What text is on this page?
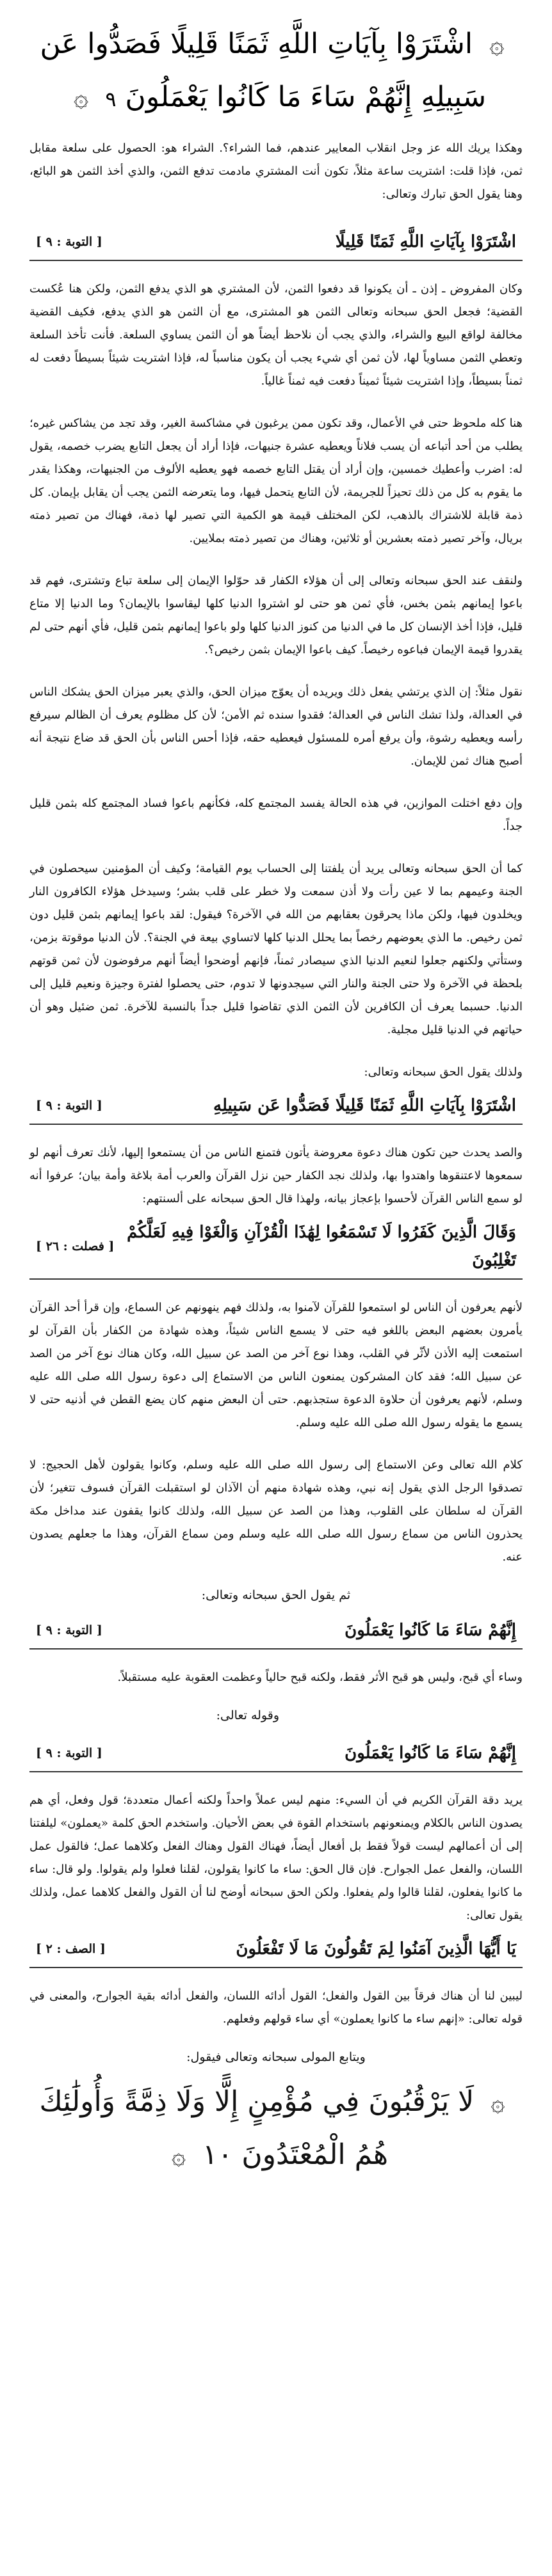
۞ اشْتَرَوْا بِآيَاتِ اللَّهِ ثَمَنًا قَلِيلًا فَصَدُّوا عَن
سَبِيلِهِ إِنَّهُمْ سَاءَ مَا كَانُوا يَعْمَلُونَ ٩ ۞

وهكذا يريك الله عز وجل انقلاب المعايير عندهم، فما الشراء؟. الشراء هو: الحصول على سلعة مقابل ثمن، فإذا قلت: اشتريت ساعة مثلاً، تكون أنت المشتري مادمت تدفع الثمن، والذي أخذ الثمن هو البائع، وهنا يقول الحق تبارك وتعالى:

اشْتَرَوْا بِآيَاتِ اللَّهِ ثَمَنًا قَلِيلًا
[ التوبة : ٩ ]

وكان المفروض ـ إذن ـ أن يكونوا قد دفعوا الثمن، لأن المشتري هو الذي يدفع الثمن، ولكن هنا عُكست القضية؛ فجعل الحق سبحانه وتعالى الثمن هو المشترى، مع أن الثمن هو الذي يدفع، فكيف القضية مخالفة لواقع البيع والشراء، والذي يجب أن نلاحظ أيضاً هو أن الثمن يساوي السلعة. فأنت تأخذ السلعة وتعطي الثمن مساوياً لها، لأن ثمن أي شيء يجب أن يكون مناسباً له، فإذا اشتريت شيئاً بسيطاً دفعت له ثمناً بسيطاً، وإذا اشتريت شيئاً ثميناً دفعت فيه ثمناً غالياً.

هنا كله ملحوظ حتى في الأعمال، وقد تكون ممن يرغبون في مشاكسة الغير، وقد تجد من يشاكس غيره؛ يطلب من أحد أتباعه أن يسب فلاناً ويعطيه عشرة جنيهات، فإذا أراد أن يجعل التابع يضرب خصمه، يقول له: اضرب وأعطيك خمسين، وإن أراد أن يقتل التابع خصمه فهو يعطيه الألوف من الجنيهات، وهكذا يقدر ما يقوم به كل من ذلك تحيزاً للجريمة، لأن التابع يتحمل فيها، وما يتعرضه الثمن يجب أن يقابل بإيمان. كل ذمة قابلة للاشتراك بالذهب، لكن المختلف قيمة هو الكمية التي تصير لها ذمة، فهناك من تصير ذمته بريال، وآخر تصير ذمته بعشرين أو ثلاثين، وهناك من تصير ذمته بملايين.

ولنقف عند الحق سبحانه وتعالى إلى أن هؤلاء الكفار قد حوّلوا الإيمان إلى سلعة تباع وتشترى، فهم قد باعوا إيمانهم بثمن بخس، فأي ثمن هو حتى لو اشتروا الدنيا كلها ليقاسوا بالإيمان؟ وما الدنيا إلا متاع قليل، فإذا أخذ الإنسان كل ما في الدنيا من كنوز الدنيا كلها ولو باعوا إيمانهم بثمن قليل، فأي أنهم حتى لم يقدروا قيمة الإيمان فباعوه رخيصاً. كيف باعوا الإيمان بثمن رخيص؟.

نقول مثلاً: إن الذي يرتشي يفعل ذلك ويريده أن يعوّج ميزان الحق، والذي يعبر ميزان الحق يشكك الناس في العدالة، ولذا تشك الناس في العدالة؛ فقدوا سنده ثم الأمن؛ لأن كل مظلوم يعرف أن الظالم سيرفع رأسه ويعطيه رشوة، وأن يرفع أمره للمسئول فيعطيه حقه، فإذا أحس الناس بأن الحق قد ضاع نتيجة أنه أصبح هناك ثمن للإيمان.

وإن دفع اختلت الموازين، في هذه الحالة يفسد المجتمع كله، فكأنهم باعوا فساد المجتمع كله بثمن قليل جداً.

كما أن الحق سبحانه وتعالى يريد أن يلفتنا إلى الحساب يوم القيامة؛ وكيف أن المؤمنين سيحصلون في الجنة وعيمهم بما لا عين رأت ولا أذن سمعت ولا خطر على قلب بشر؛ وسيدخل هؤلاء الكافرون النار ويخلدون فيها، ولكن ماذا يحرقون بعقابهم من الله في الآخرة؟ فيقول: لقد باعوا إيمانهم بثمن قليل دون ثمن رخيص. ما الذي يعوضهم رخصاً بما يحلل الدنيا كلها لاتساوي بيعة في الجنة؟. لأن الدنيا موقوتة بزمن، وستأتي ولكنهم جعلوا لنعيم الدنيا الذي سيصادر ثمناً، فإنهم أوضحوا أيضاً أنهم مرفوضون لأن ثمن قوتهم بلحظة في الآخرة ولا حتى الجنة والنار التي سيجدونها لا تدوم، حتى يحصلوا لفترة وجيزة ونعيم قليل إلى الدنيا. حسبما يعرف أن الكافرين لأن الثمن الذي تقاضوا قليل جداً بالنسبة للآخرة. ثمن ضئيل وهو أن حياتهم في الدنيا قليل مجلية.

ولذلك يقول الحق سبحانه وتعالى:

اشْتَرَوْا بِآيَاتِ اللَّهِ ثَمَنًا قَلِيلًا فَصَدُّوا عَن سَبِيلِهِ
[ التوبة : ٩ ]

والصد يحدث حين تكون هناك دعوة معروضة يأتون فتمنع الناس من أن يستمعوا إليها، لأنك تعرف أنهم لو سمعوها لاعتنقوها واهتدوا بها، ولذلك نجد الكفار حين نزل القرآن والعرب أمة بلاغة وأمة بيان؛ عرفوا أنه لو سمع الناس القرآن لأحسوا بإعجاز بيانه، ولهذا قال الحق سبحانه على ألسنتهم:

وَقَالَ الَّذِينَ كَفَرُوا لَا تَسْمَعُوا لِهَٰذَا الْقُرْآنِ وَالْغَوْا فِيهِ لَعَلَّكُمْ تَغْلِبُونَ
[ فصلت : ٢٦ ]

لأنهم يعرفون أن الناس لو استمعوا للقرآن لآمنوا به، ولذلك فهم ينهونهم عن السماع، وإن قرأ أحد القرآن يأمرون بعضهم البعض باللغو فيه حتى لا يسمع الناس شيئاً، وهذه شهادة من الكفار بأن القرآن لو استمعت إليه الأذن لأثّر في القلب، وهذا نوع آخر من الصد عن سبيل الله، وكان هناك نوع آخر من الصد عن سبيل الله؛ فقد كان المشركون يمنعون الناس من الاستماع إلى دعوة رسول الله صلى الله عليه وسلم، لأنهم يعرفون أن حلاوة الدعوة ستجذبهم. حتى أن البعض منهم كان يضع القطن في أذنيه حتى لا يسمع ما يقوله رسول الله صلى الله عليه وسلم.

كلام الله تعالى وعن الاستماع إلى رسول الله صلى الله عليه وسلم، وكانوا يقولون لأهل الحجيج: لا تصدقوا الرجل الذي يقول إنه نبي، وهذه شهادة منهم أن الآذان لو استقبلت القرآن فسوف تتغير؛ لأن القرآن له سلطان على القلوب، وهذا من الصد عن سبيل الله، ولذلك كانوا يقفون عند مداخل مكة يحذرون الناس من سماع رسول الله صلى الله عليه وسلم ومن سماع القرآن، وهذا ما جعلهم يصدون عنه.

ثم يقول الحق سبحانه وتعالى:
إِنَّهُمْ سَاءَ مَا كَانُوا يَعْمَلُونَ
[ التوبة : ٩ ]

وساء أي قبح، وليس هو قبح الأثر فقط، ولكنه قبح حالياً وعظمت العقوبة عليه مستقبلاً.

وقوله تعالى:
إِنَّهُمْ سَاءَ مَا كَانُوا يَعْمَلُونَ
[ التوبة : ٩ ]

يريد دقة القرآن الكريم في أن السيء: منهم ليس عملاً واحداً ولكنه أعمال متعددة؛ قول وفعل، أي هم يصدون الناس بالكلام ويمنعونهم باستخدام القوة في بعض الأحيان. واستخدم الحق كلمة «يعملون» ليلفتنا إلى أن أعمالهم ليست قولاً فقط بل أفعال أيضاً، فهناك القول وهناك الفعل وكلاهما عمل؛ فالقول عمل اللسان، والفعل عمل الجوارح. فإن قال الحق: ساء ما كانوا يقولون، لقلنا فعلوا ولم يقولوا. ولو قال: ساء ما كانوا يفعلون، لقلنا قالوا ولم يفعلوا. ولكن الحق سبحانه أوضح لنا أن القول والفعل كلاهما عمل، ولذلك يقول تعالى:

يَا أَيُّهَا الَّذِينَ آمَنُوا لِمَ تَقُولُونَ مَا لَا تَفْعَلُونَ
[ الصف : ٢ ]

ليبين لنا أن هناك فرقاً بين القول والفعل؛ القول أدائه اللسان، والفعل أدائه بقية الجوارح، والمعنى في قوله تعالى: «إنهم ساء ما كانوا يعملون» أي ساء قولهم وفعلهم.

ويتابع المولى سبحانه وتعالى فيقول:
۞ لَا يَرْقُبُونَ فِي مُؤْمِنٍ إِلًّا وَلَا ذِمَّةً وَأُولَٰئِكَ
هُمُ الْمُعْتَدُونَ ١٠ ۞
